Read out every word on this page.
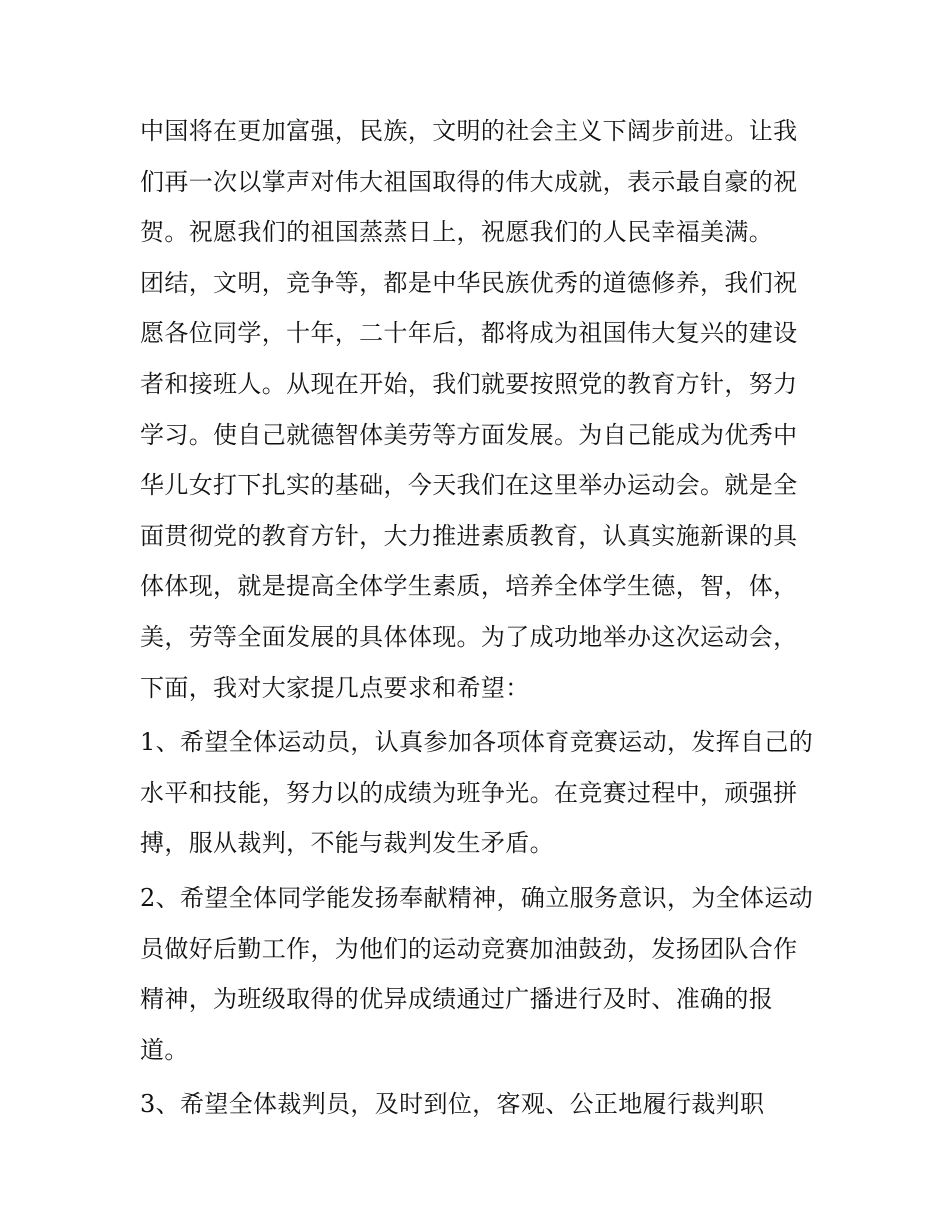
中国将在更加富强，民族，文明的社会主义下阔步前进。让我们再一次以掌声对伟大祖国取得的伟大成就，表示最自豪的祝贺。祝愿我们的祖国蒸蒸日上，祝愿我们的人民幸福美满。

团结，文明，竞争等，都是中华民族优秀的道德修养，我们祝愿各位同学，十年，二十年后，都将成为祖国伟大复兴的建设者和接班人。从现在开始，我们就要按照党的教育方针，努力学习。使自己就德智体美劳等方面发展。为自己能成为优秀中华儿女打下扎实的基础，今天我们在这里举办运动会。就是全面贯彻党的教育方针，大力推进素质教育，认真实施新课的具体体现，就是提高全体学生素质，培养全体学生德，智，体，美，劳等全面发展的具体体现。为了成功地举办这次运动会，下面，我对大家提几点要求和希望：

1、希望全体运动员，认真参加各项体育竞赛运动，发挥自己的水平和技能，努力以的成绩为班争光。在竞赛过程中，顽强拼搏，服从裁判，不能与裁判发生矛盾。

2、希望全体同学能发扬奉献精神，确立服务意识，为全体运动员做好后勤工作，为他们的运动竞赛加油鼓劲，发扬团队合作精神，为班级取得的优异成绩通过广播进行及时、准确的报道。

3、希望全体裁判员，及时到位，客观、公正地履行裁判职
